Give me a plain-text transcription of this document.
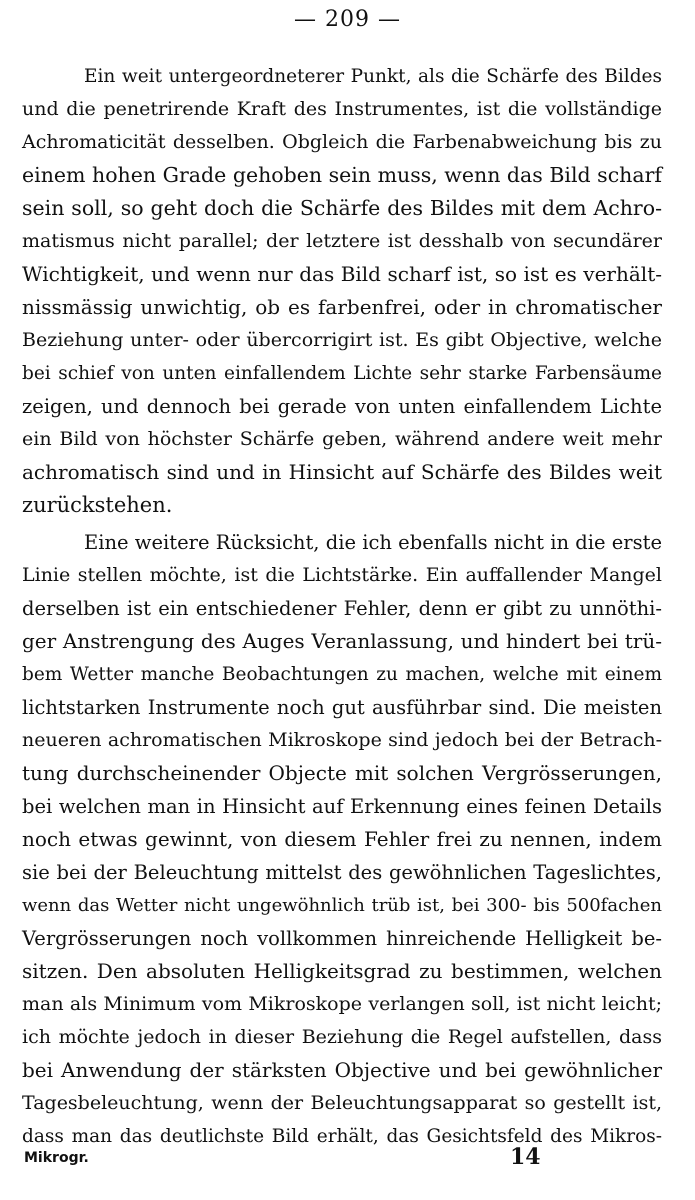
— 209 —
Ein weit untergeordneterer Punkt, als die Schärfe des Bildes
und die penetrirende Kraft des Instrumentes, ist die vollständige
Achromaticität desselben. Obgleich die Farbenabweichung bis zu
einem hohen Grade gehoben sein muss, wenn das Bild scharf
sein soll, so geht doch die Schärfe des Bildes mit dem Achro-
matismus nicht parallel; der letztere ist desshalb von secundärer
Wichtigkeit, und wenn nur das Bild scharf ist, so ist es verhält-
nissmässig unwichtig, ob es farbenfrei, oder in chromatischer
Beziehung unter- oder übercorrigirt ist. Es gibt Objective, welche
bei schief von unten einfallendem Lichte sehr starke Farbensäume
zeigen, und dennoch bei gerade von unten einfallendem Lichte
ein Bild von höchster Schärfe geben, während andere weit mehr
achromatisch sind und in Hinsicht auf Schärfe des Bildes weit
zurückstehen.
Eine weitere Rücksicht, die ich ebenfalls nicht in die erste
Linie stellen möchte, ist die Lichtstärke. Ein auffallender Mangel
derselben ist ein entschiedener Fehler, denn er gibt zu unnöthi-
ger Anstrengung des Auges Veranlassung, und hindert bei trü-
bem Wetter manche Beobachtungen zu machen, welche mit einem
lichtstarken Instrumente noch gut ausführbar sind. Die meisten
neueren achromatischen Mikroskope sind jedoch bei der Betrach-
tung durchscheinender Objecte mit solchen Vergrösserungen,
bei welchen man in Hinsicht auf Erkennung eines feinen Details
noch etwas gewinnt, von diesem Fehler frei zu nennen, indem
sie bei der Beleuchtung mittelst des gewöhnlichen Tageslichtes,
wenn das Wetter nicht ungewöhnlich trüb ist, bei 300- bis 500fachen
Vergrösserungen noch vollkommen hinreichende Helligkeit be-
sitzen. Den absoluten Helligkeitsgrad zu bestimmen, welchen
man als Minimum vom Mikroskope verlangen soll, ist nicht leicht;
ich möchte jedoch in dieser Beziehung die Regel aufstellen, dass
bei Anwendung der stärksten Objective und bei gewöhnlicher
Tagesbeleuchtung, wenn der Beleuchtungsapparat so gestellt ist,
dass man das deutlichste Bild erhält, das Gesichtsfeld des Mikros-
Mikrogr.	14
